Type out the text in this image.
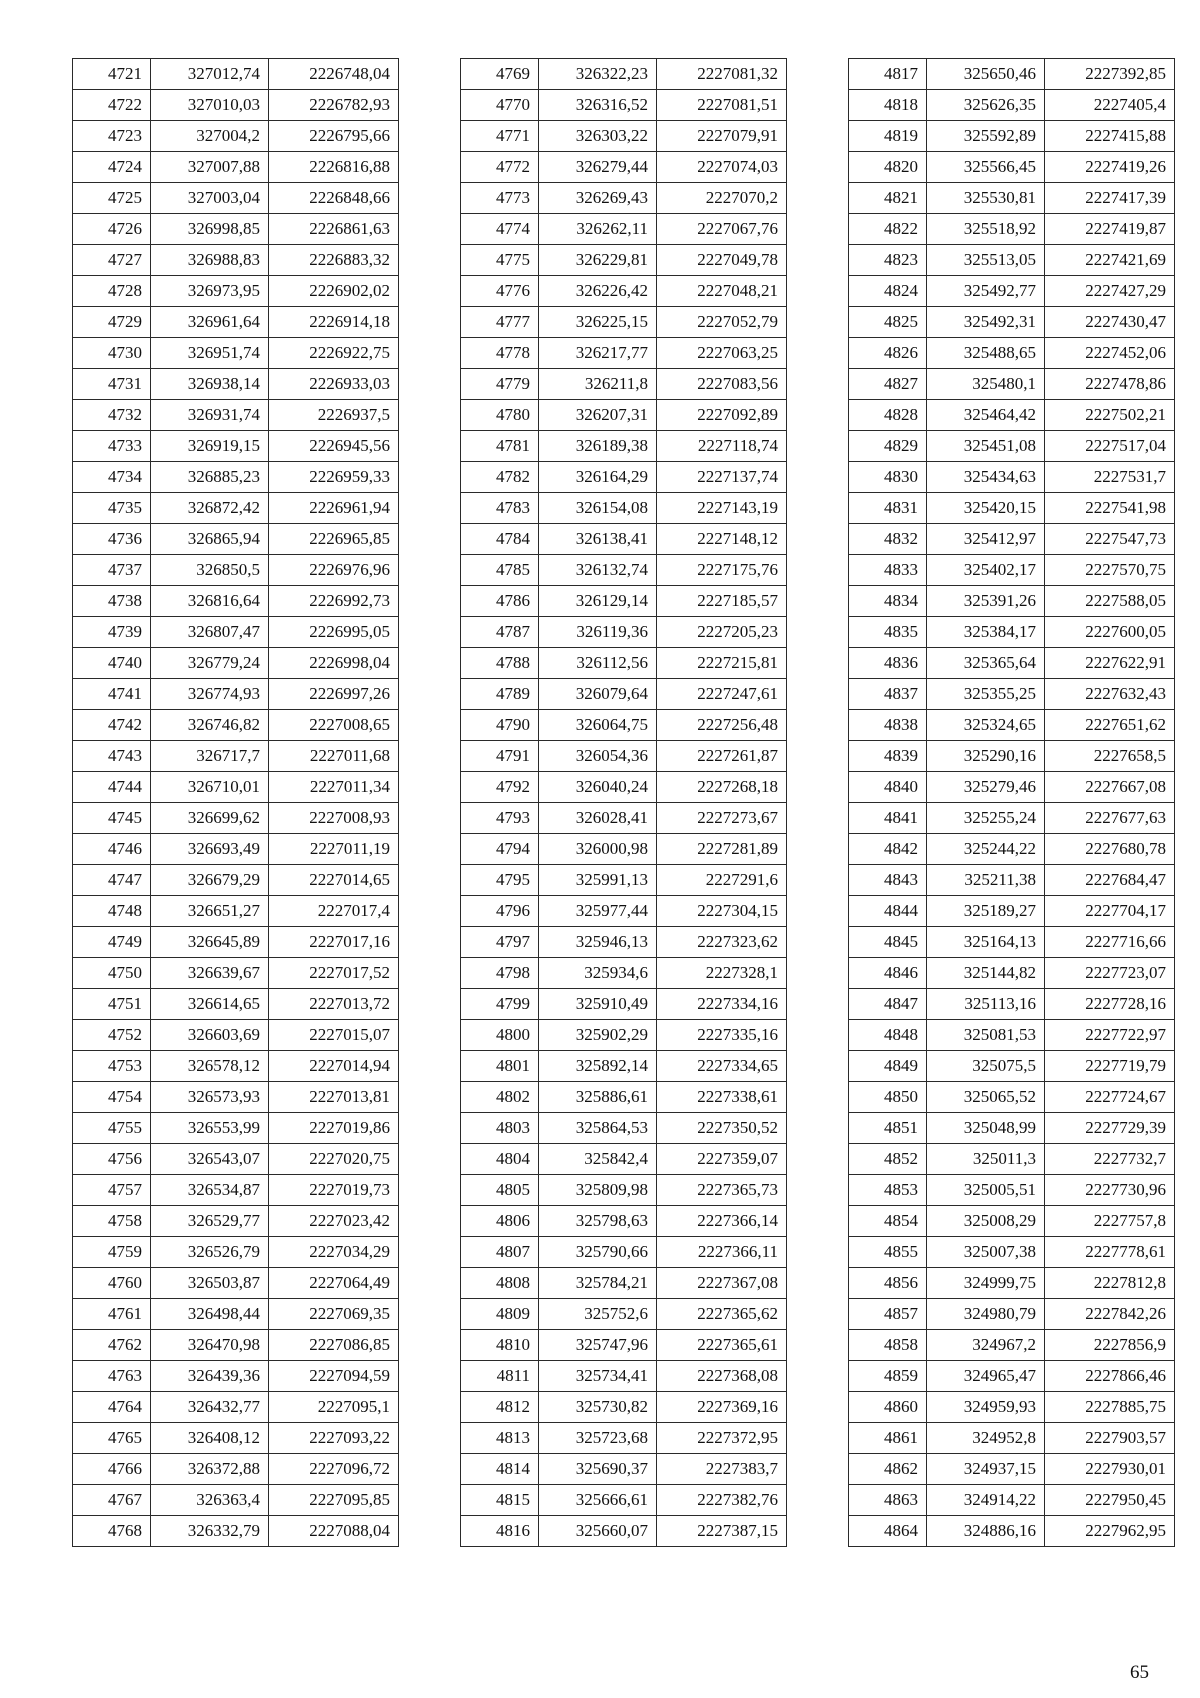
4721	327012,74	2226748,04
4722	327010,03	2226782,93
4723	327004,2	2226795,66
4724	327007,88	2226816,88
4725	327003,04	2226848,66
4726	326998,85	2226861,63
4727	326988,83	2226883,32
4728	326973,95	2226902,02
4729	326961,64	2226914,18
4730	326951,74	2226922,75
4731	326938,14	2226933,03
4732	326931,74	2226937,5
4733	326919,15	2226945,56
4734	326885,23	2226959,33
4735	326872,42	2226961,94
4736	326865,94	2226965,85
4737	326850,5	2226976,96
4738	326816,64	2226992,73
4739	326807,47	2226995,05
4740	326779,24	2226998,04
4741	326774,93	2226997,26
4742	326746,82	2227008,65
4743	326717,7	2227011,68
4744	326710,01	2227011,34
4745	326699,62	2227008,93
4746	326693,49	2227011,19
4747	326679,29	2227014,65
4748	326651,27	2227017,4
4749	326645,89	2227017,16
4750	326639,67	2227017,52
4751	326614,65	2227013,72
4752	326603,69	2227015,07
4753	326578,12	2227014,94
4754	326573,93	2227013,81
4755	326553,99	2227019,86
4756	326543,07	2227020,75
4757	326534,87	2227019,73
4758	326529,77	2227023,42
4759	326526,79	2227034,29
4760	326503,87	2227064,49
4761	326498,44	2227069,35
4762	326470,98	2227086,85
4763	326439,36	2227094,59
4764	326432,77	2227095,1
4765	326408,12	2227093,22
4766	326372,88	2227096,72
4767	326363,4	2227095,85
4768	326332,79	2227088,04
4769	326322,23	2227081,32
4770	326316,52	2227081,51
4771	326303,22	2227079,91
4772	326279,44	2227074,03
4773	326269,43	2227070,2
4774	326262,11	2227067,76
4775	326229,81	2227049,78
4776	326226,42	2227048,21
4777	326225,15	2227052,79
4778	326217,77	2227063,25
4779	326211,8	2227083,56
4780	326207,31	2227092,89
4781	326189,38	2227118,74
4782	326164,29	2227137,74
4783	326154,08	2227143,19
4784	326138,41	2227148,12
4785	326132,74	2227175,76
4786	326129,14	2227185,57
4787	326119,36	2227205,23
4788	326112,56	2227215,81
4789	326079,64	2227247,61
4790	326064,75	2227256,48
4791	326054,36	2227261,87
4792	326040,24	2227268,18
4793	326028,41	2227273,67
4794	326000,98	2227281,89
4795	325991,13	2227291,6
4796	325977,44	2227304,15
4797	325946,13	2227323,62
4798	325934,6	2227328,1
4799	325910,49	2227334,16
4800	325902,29	2227335,16
4801	325892,14	2227334,65
4802	325886,61	2227338,61
4803	325864,53	2227350,52
4804	325842,4	2227359,07
4805	325809,98	2227365,73
4806	325798,63	2227366,14
4807	325790,66	2227366,11
4808	325784,21	2227367,08
4809	325752,6	2227365,62
4810	325747,96	2227365,61
4811	325734,41	2227368,08
4812	325730,82	2227369,16
4813	325723,68	2227372,95
4814	325690,37	2227383,7
4815	325666,61	2227382,76
4816	325660,07	2227387,15
4817	325650,46	2227392,85
4818	325626,35	2227405,4
4819	325592,89	2227415,88
4820	325566,45	2227419,26
4821	325530,81	2227417,39
4822	325518,92	2227419,87
4823	325513,05	2227421,69
4824	325492,77	2227427,29
4825	325492,31	2227430,47
4826	325488,65	2227452,06
4827	325480,1	2227478,86
4828	325464,42	2227502,21
4829	325451,08	2227517,04
4830	325434,63	2227531,7
4831	325420,15	2227541,98
4832	325412,97	2227547,73
4833	325402,17	2227570,75
4834	325391,26	2227588,05
4835	325384,17	2227600,05
4836	325365,64	2227622,91
4837	325355,25	2227632,43
4838	325324,65	2227651,62
4839	325290,16	2227658,5
4840	325279,46	2227667,08
4841	325255,24	2227677,63
4842	325244,22	2227680,78
4843	325211,38	2227684,47
4844	325189,27	2227704,17
4845	325164,13	2227716,66
4846	325144,82	2227723,07
4847	325113,16	2227728,16
4848	325081,53	2227722,97
4849	325075,5	2227719,79
4850	325065,52	2227724,67
4851	325048,99	2227729,39
4852	325011,3	2227732,7
4853	325005,51	2227730,96
4854	325008,29	2227757,8
4855	325007,38	2227778,61
4856	324999,75	2227812,8
4857	324980,79	2227842,26
4858	324967,2	2227856,9
4859	324965,47	2227866,46
4860	324959,93	2227885,75
4861	324952,8	2227903,57
4862	324937,15	2227930,01
4863	324914,22	2227950,45
4864	324886,16	2227962,95
65
